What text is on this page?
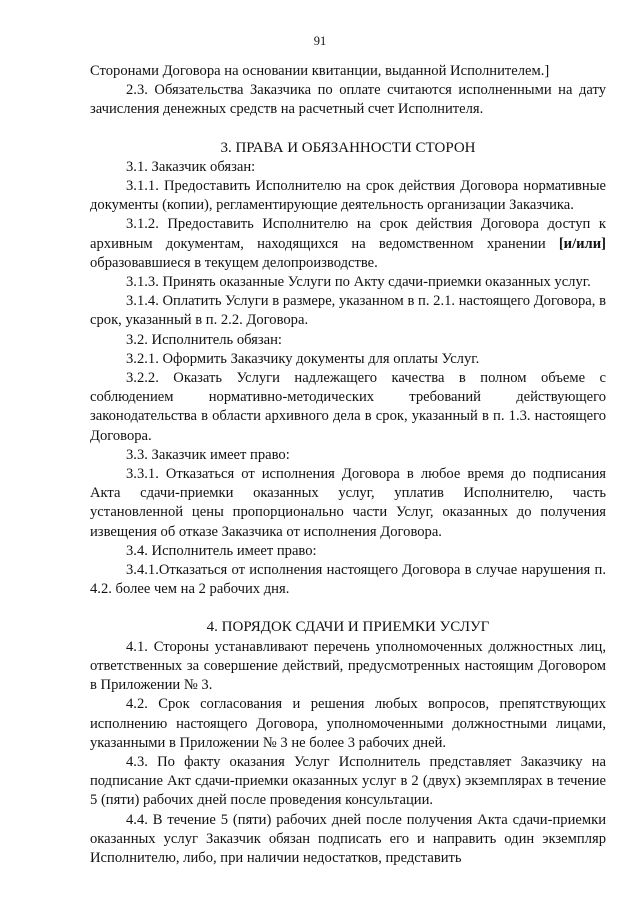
91

Сторонами Договора на основании квитанции, выданной Исполнителем.]

2.3. Обязательства Заказчика по оплате считаются исполненными на дату зачисления денежных средств на расчетный счет Исполнителя.

3. ПРАВА И ОБЯЗАННОСТИ СТОРОН

3.1. Заказчик обязан:

3.1.1. Предоставить Исполнителю на срок действия Договора нормативные документы (копии), регламентирующие деятельность организации Заказчика.

3.1.2. Предоставить Исполнителю на срок действия Договора доступ к архивным документам, находящихся на ведомственном хранении [и/или] образовавшиеся в текущем делопроизводстве.

3.1.3. Принять оказанные Услуги по Акту сдачи-приемки оказанных услуг.

3.1.4. Оплатить Услуги в размере, указанном в п. 2.1. настоящего Договора, в срок, указанный в п. 2.2. Договора.

3.2. Исполнитель обязан:

3.2.1. Оформить Заказчику документы для оплаты Услуг.

3.2.2. Оказать Услуги надлежащего качества в полном объеме с соблюдением нормативно-методических требований действующего законодательства в области архивного дела в срок, указанный в п. 1.3. настоящего Договора.

3.3. Заказчик имеет право:

3.3.1. Отказаться от исполнения Договора в любое время до подписания Акта сдачи-приемки оказанных услуг, уплатив Исполнителю, часть установленной цены пропорционально части Услуг, оказанных до получения извещения об отказе Заказчика от исполнения Договора.

3.4. Исполнитель имеет право:

3.4.1.Отказаться от исполнения настоящего Договора в случае нарушения п. 4.2. более чем на 2 рабочих дня.

4. ПОРЯДОК СДАЧИ И ПРИЕМКИ УСЛУГ

4.1. Стороны устанавливают перечень уполномоченных должностных лиц, ответственных за совершение действий, предусмотренных настоящим Договором в Приложении № 3.

4.2. Срок согласования и решения любых вопросов, препятствующих исполнению настоящего Договора, уполномоченными должностными лицами, указанными в Приложении № 3 не более 3 рабочих дней.

4.3. По факту оказания Услуг Исполнитель представляет Заказчику на подписание Акт сдачи-приемки оказанных услуг в 2 (двух) экземплярах в течение 5 (пяти) рабочих дней после проведения консультации.

4.4. В течение 5 (пяти) рабочих дней после получения Акта сдачи-приемки оказанных услуг Заказчик обязан подписать его и направить один экземпляр Исполнителю, либо, при наличии недостатков, представить
